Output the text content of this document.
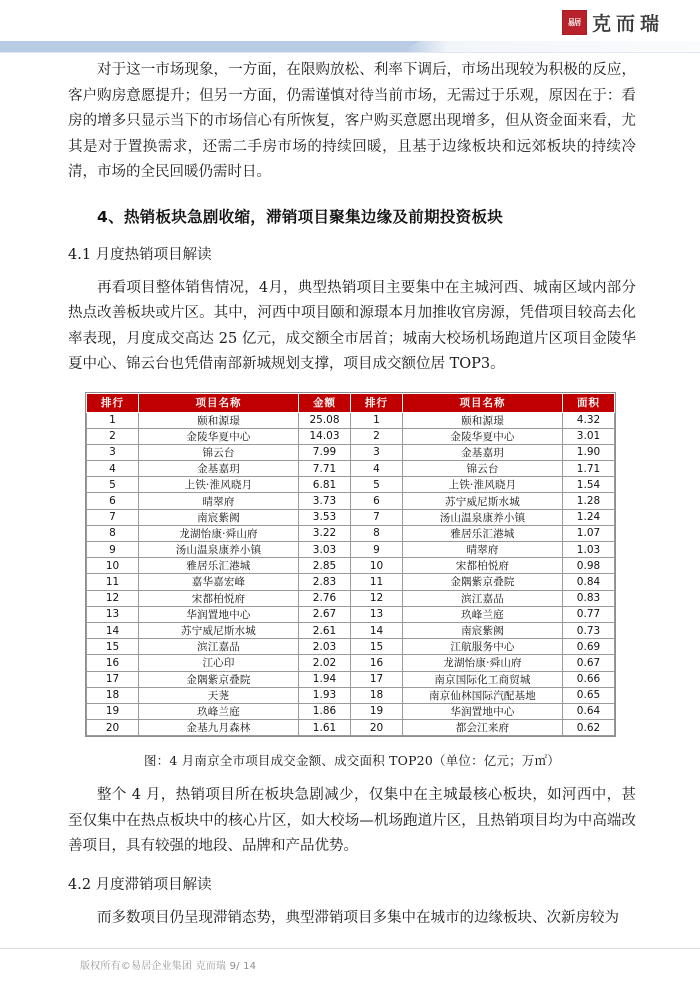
易居 克而瑞

对于这一市场现象，一方面，在限购放松、利率下调后，市场出现较为积极的反应，客户购房意愿提升；但另一方面，仍需谨慎对待当前市场，无需过于乐观，原因在于：看房的增多只显示当下的市场信心有所恢复，客户购买意愿出现增多，但从资金面来看，尤其是对于置换需求，还需二手房市场的持续回暖，且基于边缘板块和远郊板块的持续冷清，市场的全民回暖仍需时日。

4、热销板块急剧收缩，滞销项目聚集边缘及前期投资板块
4.1 月度热销项目解读

再看项目整体销售情况，4月，典型热销项目主要集中在主城河西、城南区域内部分热点改善板块或片区。其中，河西中项目颐和源璟本月加推收官房源，凭借项目较高去化率表现，月度成交高达 25 亿元，成交额全市居首；城南大校场机场跑道片区项目金陵华夏中心、锦云台也凭借南部新城规划支撑，项目成交额位居 TOP3。

排行	项目名称	金额	排行	项目名称	面积
1	颐和源璟	25.08	1	颐和源璟	4.32
2	金陵华夏中心	14.03	2	金陵华夏中心	3.01
3	锦云台	7.99	3	金基嘉玥	1.90
4	金基嘉玥	7.71	4	锦云台	1.71
5	上铁·淮风晓月	6.81	5	上铁·淮风晓月	1.54
6	晴翠府	3.73	6	苏宁威尼斯水城	1.28
7	南宸紫阙	3.53	7	汤山温泉康养小镇	1.24
8	龙湖怡康·舜山府	3.22	8	雅居乐汇港城	1.07
9	汤山温泉康养小镇	3.03	9	晴翠府	1.03
10	雅居乐汇港城	2.85	10	宋都柏悦府	0.98
11	嘉华嘉宏峰	2.83	11	金隅紫京叠院	0.84
12	宋都柏悦府	2.76	12	滨江嘉品	0.83
13	华润置地中心	2.67	13	玖峰兰庭	0.77
14	苏宁威尼斯水城	2.61	14	南宸紫阙	0.73
15	滨江嘉品	2.03	15	江航服务中心	0.69
16	江心印	2.02	16	龙湖怡康·舜山府	0.67
17	金隅紫京叠院	1.94	17	南京国际化工商贸城	0.66
18	天荛	1.93	18	南京仙林国际汽配基地	0.65
19	玖峰兰庭	1.86	19	华润置地中心	0.64
20	金基九月森林	1.61	20	都会江来府	0.62
图：4 月南京全市项目成交金额、成交面积 TOP20（单位：亿元；万㎡）

整个 4 月，热销项目所在板块急剧减少，仅集中在主城最核心板块，如河西中，甚至仅集中在热点板块中的核心片区，如大校场—机场跑道片区，且热销项目均为中高端改善项目，具有较强的地段、品牌和产品优势。

4.2 月度滞销项目解读

而多数项目仍呈现滞销态势，典型滞销项目多集中在城市的边缘板块、次新房较为

版权所有©易居企业集团 克而瑞 9/ 14
